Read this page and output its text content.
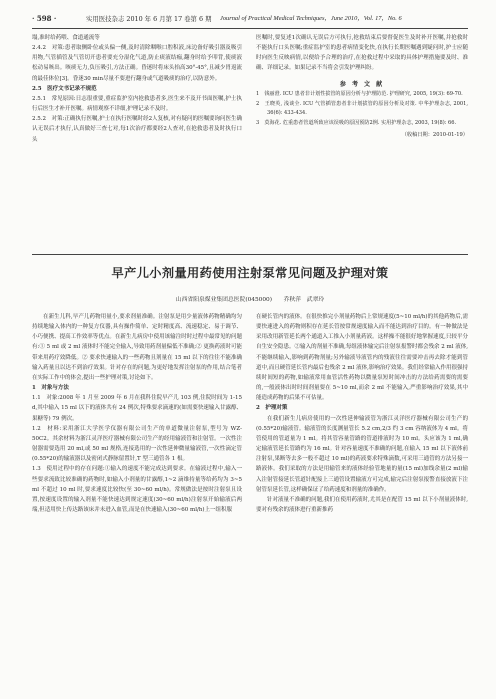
· 598 ·	实用医技杂志 2010 年 6 月第 17 卷第 6 期 Journal of Practical Medical Techniques，June 2010，Vol. 17，No. 6

塌,准时给药喂、食道通流等

2.4.2　对策:患者取侧卧位或头偏一侧,及时清除咽喉口腔积液,床边备好吸引器及吸引用物,气管插管及气管切开患者要充分湿化气道,防止痰液结痂,翻身时给予叩背,使痰液松动易咳出。咳痰无力,负压吸引,方法正确。昏迷时将床头抬高30°-45°,且减少胃返流的最佳体位[3]。昏迷30 min尽量不要进行翻身或气道吸痰的治疗,以防意外。

2.5　医疗文书记录不规范

2.5.1　常见原因:日志很重要,重症监护室内抢救患者多,医生来不及开书面医嘱,护士执行后医生才补开医嘱。病情观察不详细,护理记录不及时。

2.5.2　对策:正确执行医嘱,护士在执行医嘱时经2人复核,对有疑问的医嘱要询问医生确认无误后才执行,认真做好三查七对,每1次治疗都要经2人查对,在抢救患者及时执行口头

医嘱时,要复述1次确认无误后方可执行,抢救结束后要督促医生及时补开医嘱,并抢救时不能执行口头医嘱;重症监护室的患者病情变化快,在执行长期医嘱遇到疑问时,护士应随时向医生反映病情,以便给予合理的治疗,在抢救过程中采取的具体护理措施要及时、准确、详细记录。如果记录不当将会引发护理纠纷。

参 考 文 献
1　钱丽澄. ICU 患者非计划性拔管的原因分析与护理防范. 护理研究, 2005, 19(3): 69-70.
2　王晓英, 浅谈全. ICU 气管插管患者非计划拔管的原因分析及对策. 中华护理杂志, 2001, 36(6): 433-434.
3　莫海花. 危重患者管道所致应该误吸的原因预防2例. 实用护理杂志, 2003, 19(8): 66.
（收稿日期：2010-01-19）
早产儿小剂量用药使用注射泵常见问题及护理对策
山西省阳泉煤业集团总医院(045000)　　乔秋萍　武翠玲

在新生儿科,早产儿药物用量小,要求剂量准确。注射泵是用少量液体药物精确均匀持续地输入体内的一种复方仪器,具有操作简单、定时精度高、流速稳定、易于调节、小巧便携、提高工作效率等优点。在新生儿病房中使用该输注时时过程中最常见的问题有:① 5 ml 或 2 ml 液体时不能完全输入,导致用药剂量偏低不准确;② 更换药液时可能带来用药疗效降低。② 要求快速输入的一些药物且剂量在 15 ml 以下的往往不能准确输入药量且以达不到治疗效果。针对存在的问题,为更好地发挥注射泵的作用,结合笔者在实际工作中的体会,提出一些护理对策,讨论如下。

1　对象与方法

1.1　对象:2008 年 1 月至 2009 年 6 月在我科住院早产儿 103 例,住院时间为 1-15 d,其中输入 15 ml 以下的液体共有 24 例次,特殊要求滴速的(如需要快速输入甘露醇、果糖等) 79 例次。

1.2　材料:采用浙江大学医学仪器有限公司生产的单道微量注射泵,型号为 WZ-50C2。其余材料为浙江灵洋医疗器械有限公司生产的经用输液管和注射管。一次性注射器需要选用 20 ml,或 50 ml 规格,连接选用的一次性延伸微量输液管,一次性滴定管(0.55*20)的输液器以及密闭式静脉留置针,T 型三通管各 1 根。

1.3　使用过程中的存在问题:①输入的速度不能完成达到要求。在输液过程中,输入一些要求流致比较准确的药物时,如输入小剂量的甘露醇,1~2 滴维持量等给药均为 3~5 ml 不超过 10 ml 时,要求速度比较快(至 30~60 ml/h)。常规做法是按时注射泵且设置,按速度设置的输入剂量不能快速达到规定速度(30~60 ml/h)注射泵开始输液后两端,但适用快上传达路该床并未进入血管,而是在快速输入(30~60 ml/h)上一组积服

在硬长管内的液体。在很快推完小剂量药物后上常规速度(5~10 ml/h)的其他药物后,需要快速进入的药物则积存在延长管按常规速度输入而不能达到治疗目的。有一种做法是采用改用新管延长两个通道入工推入小剂量药液。这样操不能很好地掌握速度,只较平分自生安全隐患。②输入的剂量不准确,每组液体输完后注射泵报警时都会残余 2 ml 液体,不能继续输入,影响到药物剂量;另外输液导液管内的残液往往需要冲击再去除才能到管道中,而且硬管延长管内最后也残余 2 ml 液体,影响治疗效果。我们经常输入作用很强持续时间短的药物,如输液常用血管活性药物以微量泵短时间冲击的方法给药需要的需要的,一般液体出时时间剂量要在 5~10 ml,而余 2 ml 不能输入,严重影响治疗效果,其中能造成药物的后果不可估量。

2　护理对策

在我们新生儿病房使用的一次性延伸输液管为浙江灵洋医疗器械有限公司生产的(0.55*20)输液管。输液管的长度测量管长 5.2 cm,2/3 约 3 cm 容纳液体为 4 ml。将管使用的管道量为 1 ml。将其管容量管路的管道排液时为 10 ml。头应该为 1 ml,确定输液管延长管路约为 16 ml。针对容量速度不准确的问题,在输入 15 ml 以下液体前注射泵,果断等去多一般不超过 10 ml)的药液要求特殊滴数,可采用三通管的方法另接一路液体。我们采取的方法是用输管来的液体经验管地量的量(15 ml)加线余量(2 ml)输入注射管接延长管道针配接上三通管设置输液方可完成,输完后注射泵报警直接放液下注射管泵延长管,这样确保证了给药速度和剂量的准确作。

针对液量不准确的问题,我们在使用药液时,尤其是在配管 15 ml 以下小剂量液体时,要对有残余的液体进行重新推药
